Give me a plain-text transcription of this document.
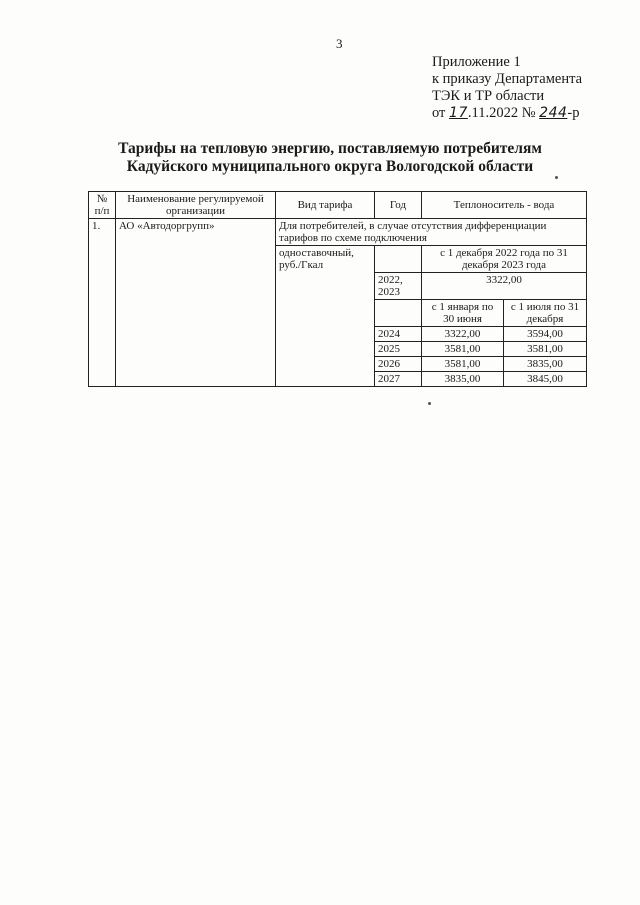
3
Приложение 1
к приказу Департамента
ТЭК и ТР области
от 17.11.2022 № 244-р
Тарифы на тепловую энергию, поставляемую потребителям
Кадуйского муниципального округа Вологодской области
№ п/п	Наименование регулируемой организации	Вид тарифа	Год	Теплоноситель - вода	
1.	АО «Автодоргрупп»	Для потребителей, в случае отсутствия дифференциации тарифов по схеме подключения			
		одноставочный, руб./Гкал		с 1 декабря 2022 года по 31 декабря 2023 года	
			2022, 2023	3322,00	
				с 1 января по 30 июня	с 1 июля по 31 декабря
			2024	3322,00	3594,00
			2025	3581,00	3581,00
			2026	3581,00	3835,00
			2027	3835,00	3845,00
